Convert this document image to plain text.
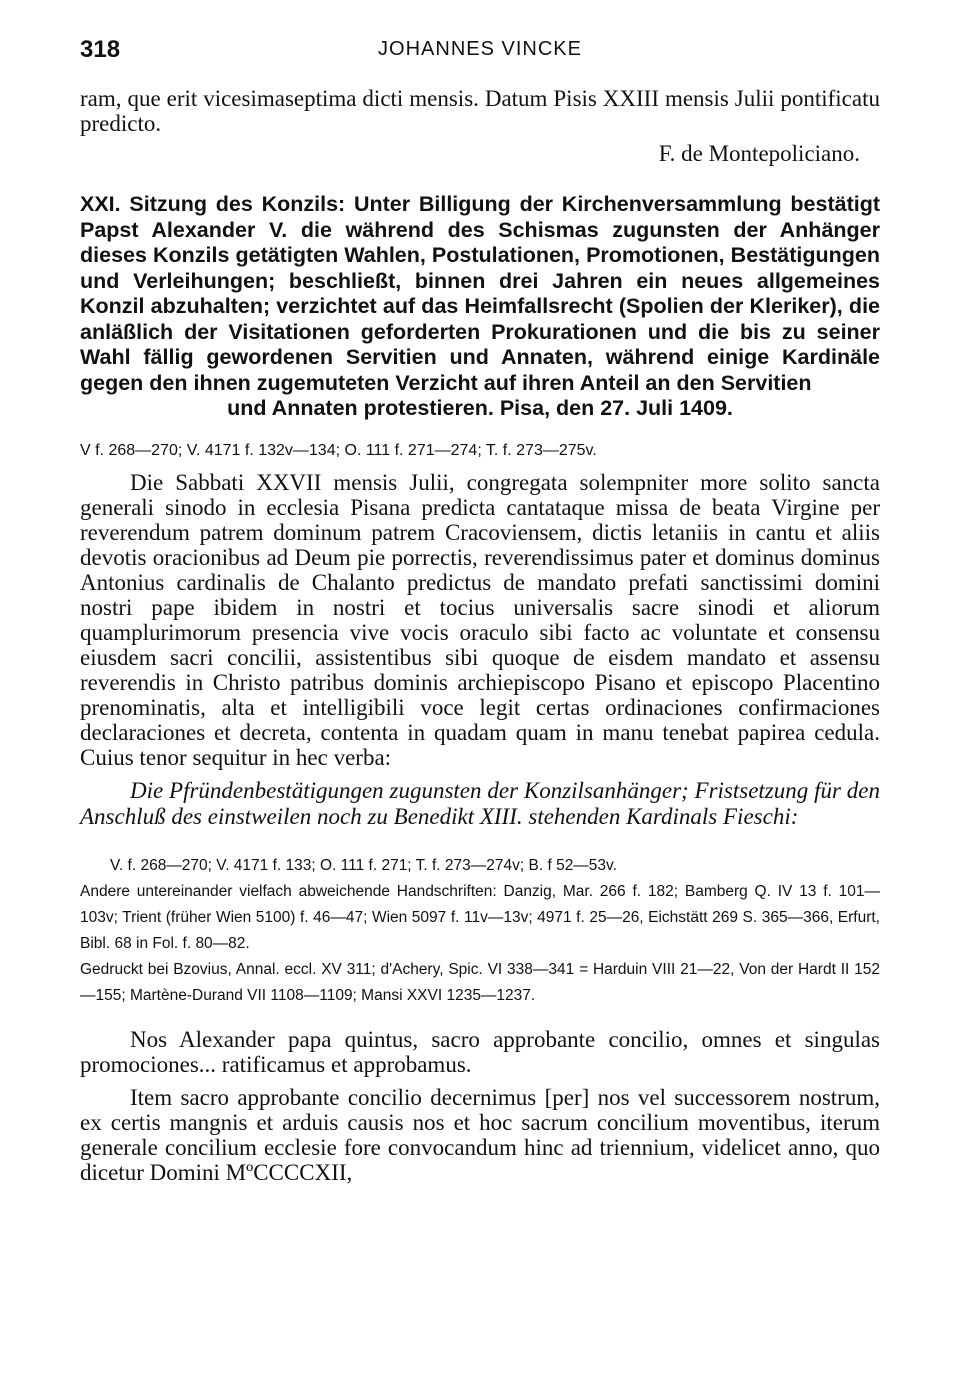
318	JOHANNES VINCKE

ram, que erit vicesimaseptima dicti mensis. Datum Pisis XXIII mensis Julii pontificatu predicto.

F. de Montepoliciano.
XXI. Sitzung des Konzils: Unter Billigung der Kirchenversammlung bestätigt Papst Alexander V. die während des Schismas zugunsten der Anhänger dieses Konzils getätigten Wahlen, Postulationen, Promotionen, Bestätigungen und Verleihungen; beschließt, binnen drei Jahren ein neues allgemeines Konzil abzuhalten; verzichtet auf das Heimfallsrecht (Spolien der Kleriker), die anläßlich der Visitationen geforderten Prokurationen und die bis zu seiner Wahl fällig gewordenen Servitien und Annaten, während einige Kardinäle gegen den ihnen zugemuteten Verzicht auf ihren Anteil an den Servitien
und Annaten protestieren. Pisa, den 27. Juli 1409.
V f. 268—270; V. 4171 f. 132v—134; O. 111 f. 271—274; T. f. 273—275v.

Die Sabbati XXVII mensis Julii, congregata solempniter more solito sancta generali sinodo in ecclesia Pisana predicta cantataque missa de beata Virgine per reverendum patrem dominum patrem Cracoviensem, dictis letaniis in cantu et aliis devotis oracionibus ad Deum pie porrectis, reverendissimus pater et dominus dominus Antonius cardinalis de Chalanto predictus de mandato prefati sanctissimi domini nostri pape ibidem in nostri et tocius universalis sacre sinodi et aliorum quamplurimorum presencia vive vocis oraculo sibi facto ac voluntate et consensu eiusdem sacri concilii, assistentibus sibi quoque de eisdem mandato et assensu reverendis in Christo patribus dominis archiepiscopo Pisano et episcopo Placentino prenominatis, alta et intelligibili voce legit certas ordinaciones confirmaciones declaraciones et decreta, contenta in quadam quam in manu tenebat papirea cedula. Cuius tenor sequitur in hec verba:

Die Pfründenbestätigungen zugunsten der Konzilsanhänger; Fristsetzung für den Anschluß des einstweilen noch zu Benedikt XIII. stehenden Kardinals Fieschi:

V. f. 268—270; V. 4171 f. 133; O. 111 f. 271; T. f. 273—274v; B. f 52—53v.

Andere untereinander vielfach abweichende Handschriften: Danzig, Mar. 266 f. 182; Bamberg Q. IV 13 f. 101—103v; Trient (früher Wien 5100) f. 46—47; Wien 5097 f. 11v—13v; 4971 f. 25—26, Eichstätt 269 S. 365—366, Erfurt, Bibl. 68 in Fol. f. 80—82.

Gedruckt bei Bzovius, Annal. eccl. XV 311; d'Achery, Spic. VI 338—341 = Harduin VIII 21—22, Von der Hardt II 152—155; Martène-Durand VII 1108—1109; Mansi XXVI 1235—1237.

Nos Alexander papa quintus, sacro approbante concilio, omnes et singulas promociones... ratificamus et approbamus.

Item sacro approbante concilio decernimus [per] nos vel successorem nostrum, ex certis mangnis et arduis causis nos et hoc sacrum concilium moventibus, iterum generale concilium ecclesie fore convocandum hinc ad triennium, videlicet anno, quo dicetur Domini MºCCCCXII,
